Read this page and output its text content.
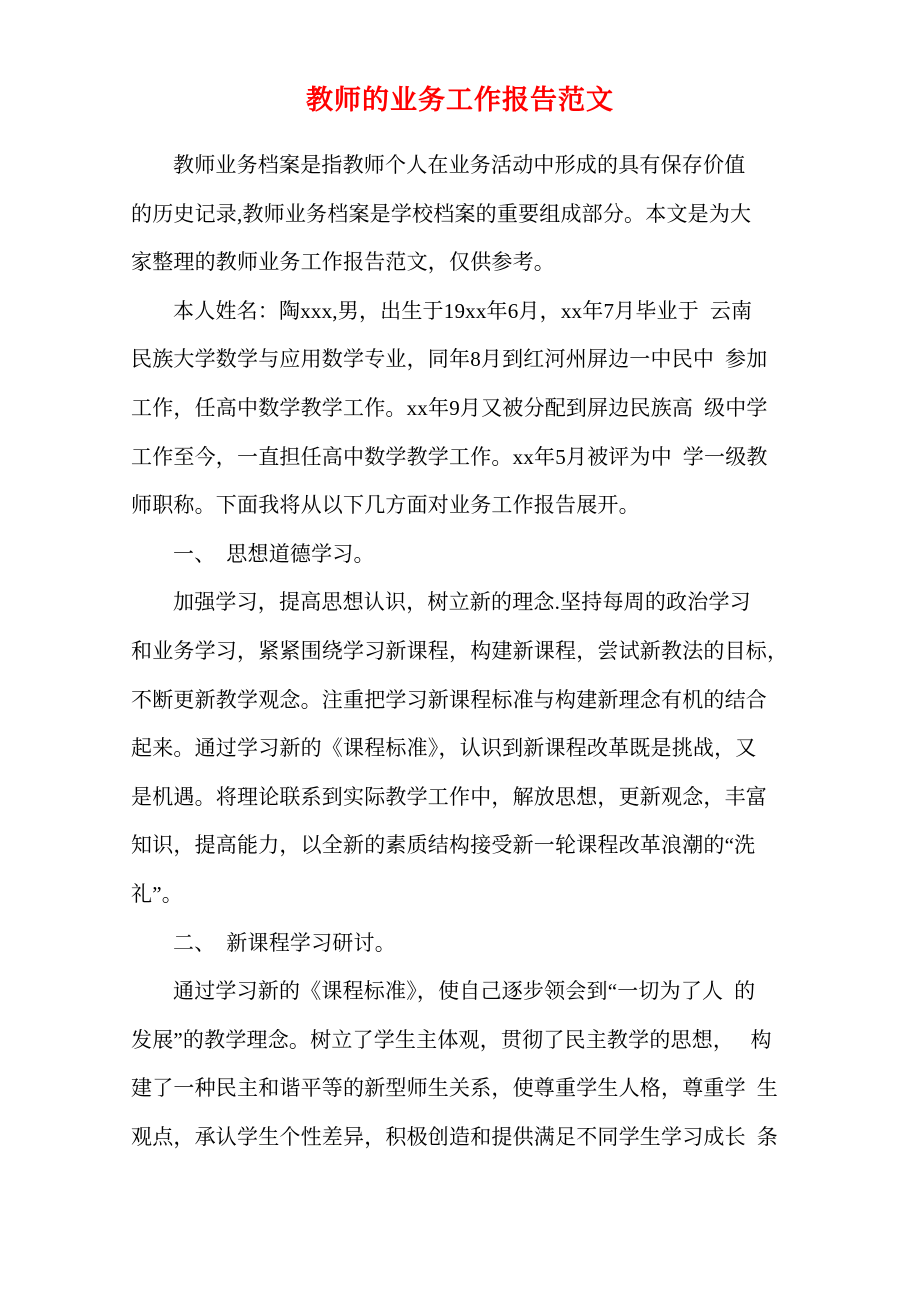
教师的业务工作报告范文
教师业务档案是指教师个人在业务活动中形成的具有保存价值
的历史记录,教师业务档案是学校档案的重要组成部分。本文是为大
家整理的教师业务工作报告范文，仅供参考。
本人姓名：陶xxx,男，出生于19xx年6月，xx年7月毕业于  云南
民族大学数学与应用数学专业，同年8月到红河州屏边一中民中  参加
工作，任高中数学教学工作。xx年9月又被分配到屏边民族高  级中学
工作至今，一直担任高中数学教学工作。xx年5月被评为中  学一级教
师职称。下面我将从以下几方面对业务工作报告展开。
一、  思想道德学习。
加强学习，提高思想认识，树立新的理念.坚持每周的政治学习
和业务学习，紧紧围绕学习新课程，构建新课程，尝试新教法的目标，
不断更新教学观念。注重把学习新课程标准与构建新理念有机的结合
起来。通过学习新的《课程标准》，认识到新课程改革既是挑战，又
是机遇。将理论联系到实际教学工作中，解放思想，更新观念，丰富
知识，提高能力，以全新的素质结构接受新一轮课程改革浪潮的“洗
礼”。
二、  新课程学习研讨。
通过学习新的《课程标准》，使自己逐步领会到“一切为了人  的
发展”的教学理念。树立了学生主体观，贯彻了民主教学的思想，   构
建了一种民主和谐平等的新型师生关系，使尊重学生人格，尊重学  生
观点，承认学生个性差异，积极创造和提供满足不同学生学习成长  条
